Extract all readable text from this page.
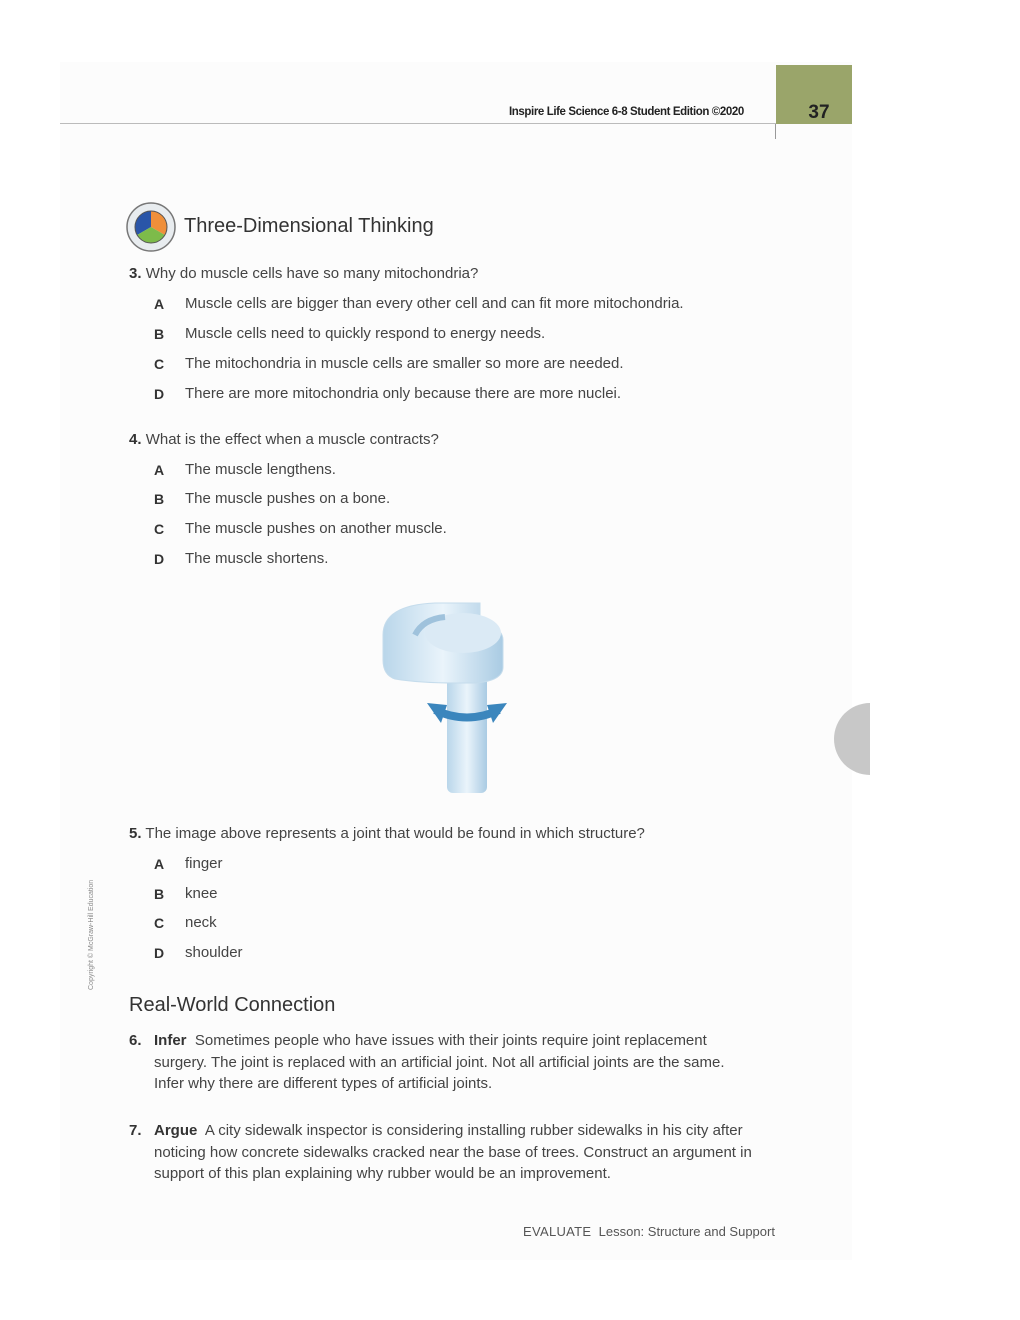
37
Inspire Life Science 6-8 Student Edition ©2020
Three-Dimensional Thinking
3. Why do muscle cells have so many mitochondria?
A Muscle cells are bigger than every other cell and can fit more mitochondria.
B Muscle cells need to quickly respond to energy needs.
C The mitochondria in muscle cells are smaller so more are needed.
D There are more mitochondria only because there are more nuclei.
4. What is the effect when a muscle contracts?
A The muscle lengthens.
B The muscle pushes on a bone.
C The muscle pushes on another muscle.
D The muscle shortens.
5. The image above represents a joint that would be found in which structure?
A finger
B knee
C neck
D shoulder
Copyright © McGraw-Hill Education
Real-World Connection
6. Infer Sometimes people who have issues with their joints require joint replacement surgery. The joint is replaced with an artificial joint. Not all artificial joints are the same. Infer why there are different types of artificial joints.
7. Argue A city sidewalk inspector is considering installing rubber sidewalks in his city after noticing how concrete sidewalks cracked near the base of trees. Construct an argument in support of this plan explaining why rubber would be an improvement.
EVALUATE Lesson: Structure and Support
